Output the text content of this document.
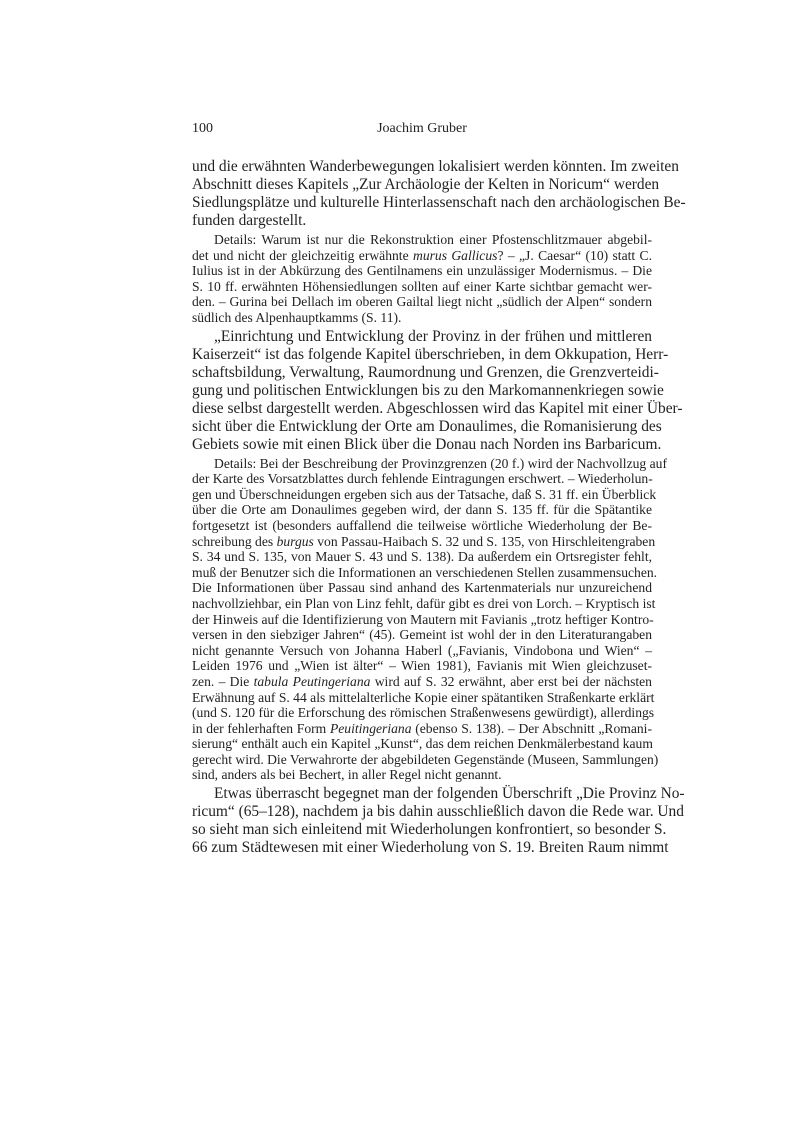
100	Joachim Gruber
und die erwähnten Wanderbewegungen lokalisiert werden könnten. Im zweiten
Abschnitt dieses Kapitels „Zur Archäologie der Kelten in Noricum“ werden
Siedlungsplätze und kulturelle Hinterlassenschaft nach den archäologischen Be-
funden dargestellt.
Details: Warum ist nur die Rekonstruktion einer Pfostenschlitzmauer abgebil-
det und nicht der gleichzeitig erwähnte murus Gallicus? – „J. Caesar“ (10) statt C.
Iulius ist in der Abkürzung des Gentilnamens ein unzulässiger Modernismus. – Die
S. 10 ff. erwähnten Höhensiedlungen sollten auf einer Karte sichtbar gemacht wer-
den. – Gurina bei Dellach im oberen Gailtal liegt nicht „südlich der Alpen“ sondern
südlich des Alpenhauptkamms (S. 11).
„Einrichtung und Entwicklung der Provinz in der frühen und mittleren
Kaiserzeit“ ist das folgende Kapitel überschrieben, in dem Okkupation, Herr-
schaftsbildung, Verwaltung, Raumordnung und Grenzen, die Grenzverteidi-
gung und politischen Entwicklungen bis zu den Markomannenkriegen sowie
diese selbst dargestellt werden. Abgeschlossen wird das Kapitel mit einer Über-
sicht über die Entwicklung der Orte am Donaulimes, die Romanisierung des
Gebiets sowie mit einen Blick über die Donau nach Norden ins Barbaricum.
Details: Bei der Beschreibung der Provinzgrenzen (20 f.) wird der Nachvollzug auf
der Karte des Vorsatzblattes durch fehlende Eintragungen erschwert. – Wiederholun-
gen und Überschneidungen ergeben sich aus der Tatsache, daß S. 31 ff. ein Überblick
über die Orte am Donaulimes gegeben wird, der dann S. 135 ff. für die Spätantike
fortgesetzt ist (besonders auffallend die teilweise wörtliche Wiederholung der Be-
schreibung des burgus von Passau-Haibach S. 32 und S. 135, von Hirschleitengraben
S. 34 und S. 135, von Mauer S. 43 und S. 138). Da außerdem ein Ortsregister fehlt,
muß der Benutzer sich die Informationen an verschiedenen Stellen zusammensuchen.
Die Informationen über Passau sind anhand des Kartenmaterials nur unzureichend
nachvollziehbar, ein Plan von Linz fehlt, dafür gibt es drei von Lorch. – Kryptisch ist
der Hinweis auf die Identifizierung von Mautern mit Favianis „trotz heftiger Kontro-
versen in den siebziger Jahren“ (45). Gemeint ist wohl der in den Literaturangaben
nicht genannte Versuch von Johanna Haberl („Favianis, Vindobona und Wien“ –
Leiden 1976 und „Wien ist älter“ – Wien 1981), Favianis mit Wien gleichzuset-
zen. – Die tabula Peutingeriana wird auf S. 32 erwähnt, aber erst bei der nächsten
Erwähnung auf S. 44 als mittelalterliche Kopie einer spätantiken Straßenkarte erklärt
(und S. 120 für die Erforschung des römischen Straßenwesens gewürdigt), allerdings
in der fehlerhaften Form Peuitingeriana (ebenso S. 138). – Der Abschnitt „Romani-
sierung“ enthält auch ein Kapitel „Kunst“, das dem reichen Denkmälerbestand kaum
gerecht wird. Die Verwahrorte der abgebildeten Gegenstände (Museen, Sammlungen)
sind, anders als bei Bechert, in aller Regel nicht genannt.
Etwas überrascht begegnet man der folgenden Überschrift „Die Provinz No-
ricum“ (65–128), nachdem ja bis dahin ausschließlich davon die Rede war. Und
so sieht man sich einleitend mit Wiederholungen konfrontiert, so besonder S.
66 zum Städtewesen mit einer Wiederholung von S. 19. Breiten Raum nimmt
